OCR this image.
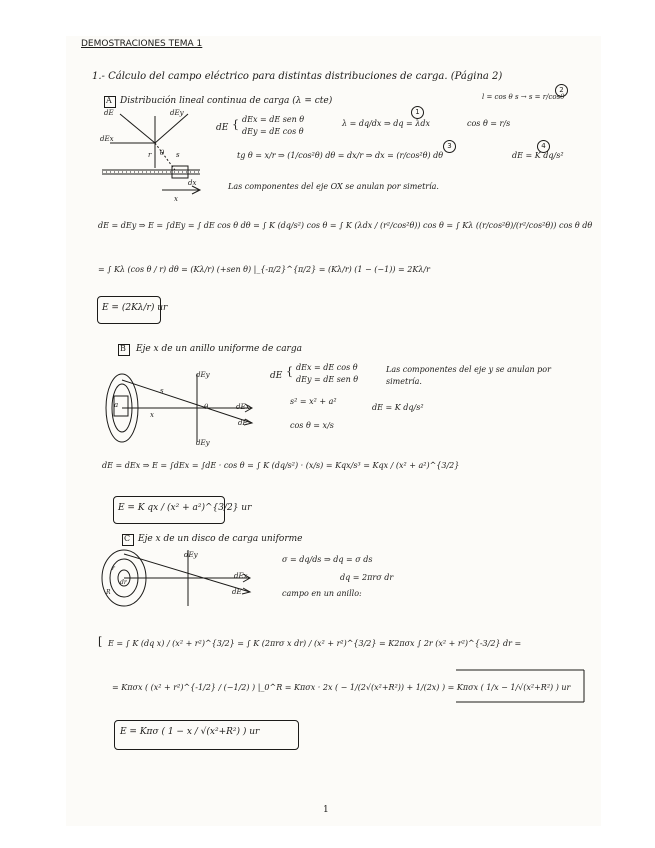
DEMOSTRACIONES TEMA 1
1.- Cálculo del campo eléctrico para distintas distribuciones de carga. (Página 2)
l = cos θ s → s = r/cosθ
2
A Distribución lineal continua de carga (λ = cte)
dE	dEy
dEx
r θ s
dx
x
dE { dEx = dE sen θ
dEy = dE cos θ
λ = dq/dx ⇒ dq = λdx
1
cos θ = r/s
tg θ = x/r ⇒ (1/cos²θ) dθ = dx/r ⇒ dx = (r/cos²θ) dθ
3
dE = K dq/s²
4
Las componentes del eje OX se anulan por simetría.
dE = dEy ⇒ E = ∫dEy = ∫ dE cos θ dθ = ∫ K (dq/s²) cos θ = ∫ K (λdx / (r²/cos²θ)) cos θ = ∫ Kλ ((r/cos²θ)/(r²/cos²θ)) cos θ dθ
= ∫ Kλ (cos θ / r) dθ = (Kλ/r) (+sen θ) |_{-π/2}^{π/2} = (Kλ/r) (1 − (−1)) = 2Kλ/r
E = (2Kλ/r) ur
B Eje x de un anillo uniforme de carga
dEy
dEx
dE
s
a
x
θ
dEy
dE { dEx = dE cos θ
dEy = dE sen θ
Las componentes del eje y se anulan por simetría.
s² = x² + a²
dE = K dq/s²
cos θ = x/s
dE = dEx ⇒ E = ∫dEx = ∫dE · cos θ = ∫ K (dq/s²) · (x/s) = Kqx/s³ = Kqx / (x² + a²)^{3/2}
E = K qx / (x² + a²)^{3/2} ur
C Eje x de un disco de carga uniforme
dEy
dEx
dE
r
R
dr
σ = dq/ds ⇒ dq = σ ds
dq = 2πrσ dr
campo en un anillo:
[ E = ∫ K (dq x) / (x² + r²)^{3/2} = ∫ K (2πrσ x dr) / (x² + r²)^{3/2} = K2πσx ∫ 2r (x² + r²)^{-3/2} dr =
= Kπσx ( (x² + r²)^{-1/2} / (−1/2) ) |_0^R = Kπσx · 2x ( − 1/(2√(x²+R²)) + 1/(2x) ) = Kπσx ( 1/x − 1/√(x²+R²) ) ur
E = Kπσ ( 1 − x / √(x²+R²) ) ur
1
